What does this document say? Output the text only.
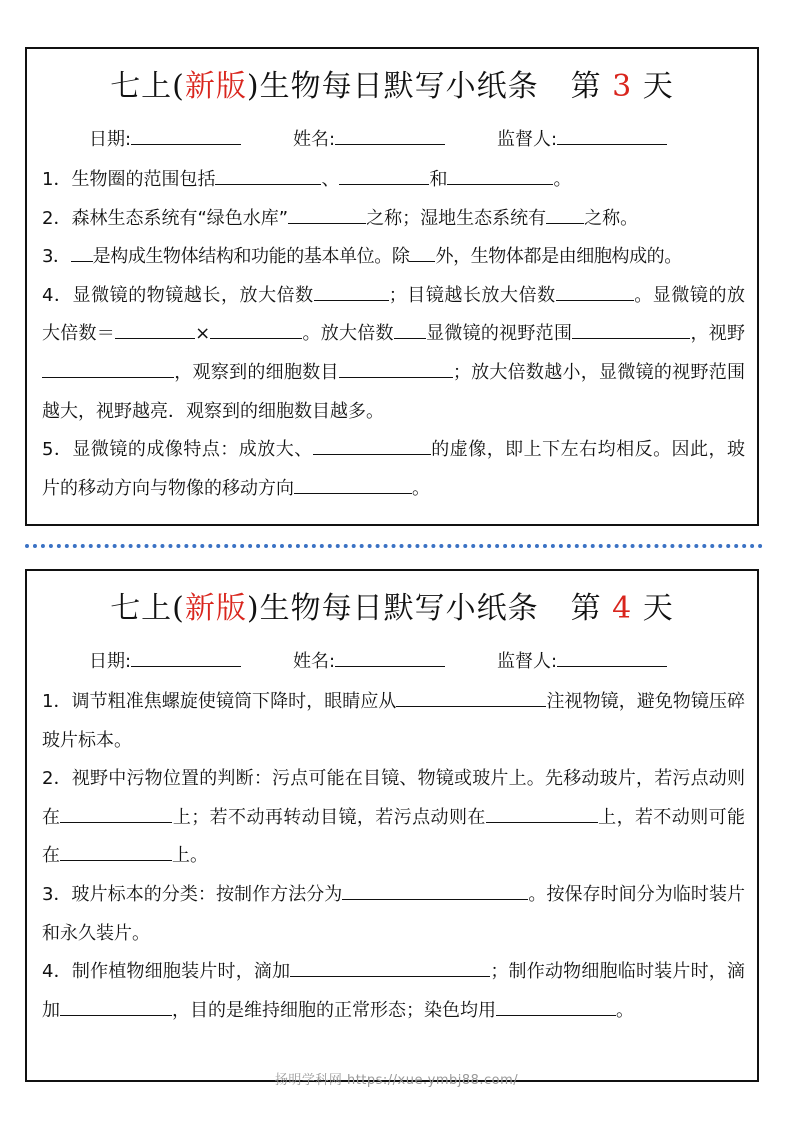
七上(新版)生物每日默写小纸条 第 3 天
日期:	姓名:	监督人:
1．生物圈的范围包括	、	和	。
2．森林生态系统有“绿色水库”	之称；湿地生态系统有 之称。
3． 是构成生物体结构和功能的基本单位。除 外，生物体都是由细胞构成的。
4．显微镜的物镜越长，放大倍数	；目镜越长放大倍数	。显微镜的放大倍数＝	×	。放大倍数 显微镜的视野范围	，视野，观察到的细胞数目	；放大倍数越小，显微镜的视野范围越大，视野越亮．观察到的细胞数目越多。
5．显微镜的成像特点：成放大、	的虚像，即上下左右均相反。因此，玻片的移动方向与物像的移动方向	。
七上(新版)生物每日默写小纸条 第 4 天
日期:	姓名:	监督人:
1．调节粗准焦螺旋使镜筒下降时，眼睛应从	注视物镜，避免物镜压碎玻片标本。
2．视野中污物位置的判断：污点可能在目镜、物镜或玻片上。先移动玻片，若污点动则在	上；若不动再转动目镜，若污点动则在	上，若不动则可能在	上。
3．玻片标本的分类：按制作方法分为	。按保存时间分为临时装片和永久装片。
4．制作植物细胞装片时，滴加	；制作动物细胞临时装片时，滴加	，目的是维持细胞的正常形态；染色均用	。
扬明学科网 https://xue.ymbj88.com/
